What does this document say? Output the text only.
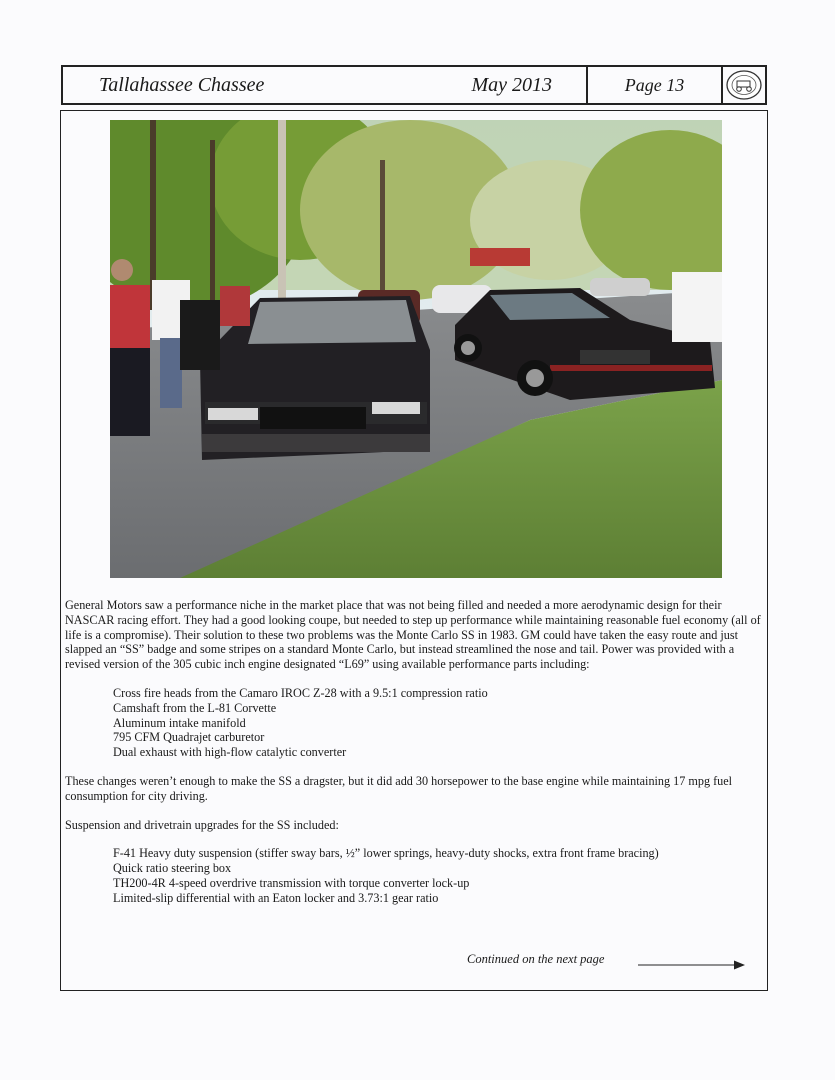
Tallahassee Chassee	May 2013	Page 13

General Motors saw a performance niche in the market place that was not being filled and needed a more aerodynamic design for their NASCAR racing effort. They had a good looking coupe, but needed to step up performance while maintaining reasonable fuel economy (all of life is a compromise). Their solution to these two problems was the Monte Carlo SS in 1983. GM could have taken the easy route and just slapped an “SS” badge and some stripes on a standard Monte Carlo, but instead streamlined the nose and tail. Power was provided with a revised version of the 305 cubic inch engine designated “L69” using available performance parts including:

Cross fire heads from the Camaro IROC Z-28 with a 9.5:1 compression ratio
Camshaft from the L-81 Corvette
Aluminum intake manifold
795 CFM Quadrajet carburetor
Dual exhaust with high-flow catalytic converter

These changes weren’t enough to make the SS a dragster, but it did add 30 horsepower to the base engine while maintaining 17 mpg fuel consumption for city driving.

Suspension and drivetrain upgrades for the SS included:

F-41 Heavy duty suspension (stiffer sway bars, ½” lower springs, heavy-duty shocks, extra front frame bracing)
Quick ratio steering box
TH200-4R 4-speed overdrive transmission with torque converter lock-up
Limited-slip differential with an Eaton locker and 3.73:1 gear ratio
Continued on the next page
